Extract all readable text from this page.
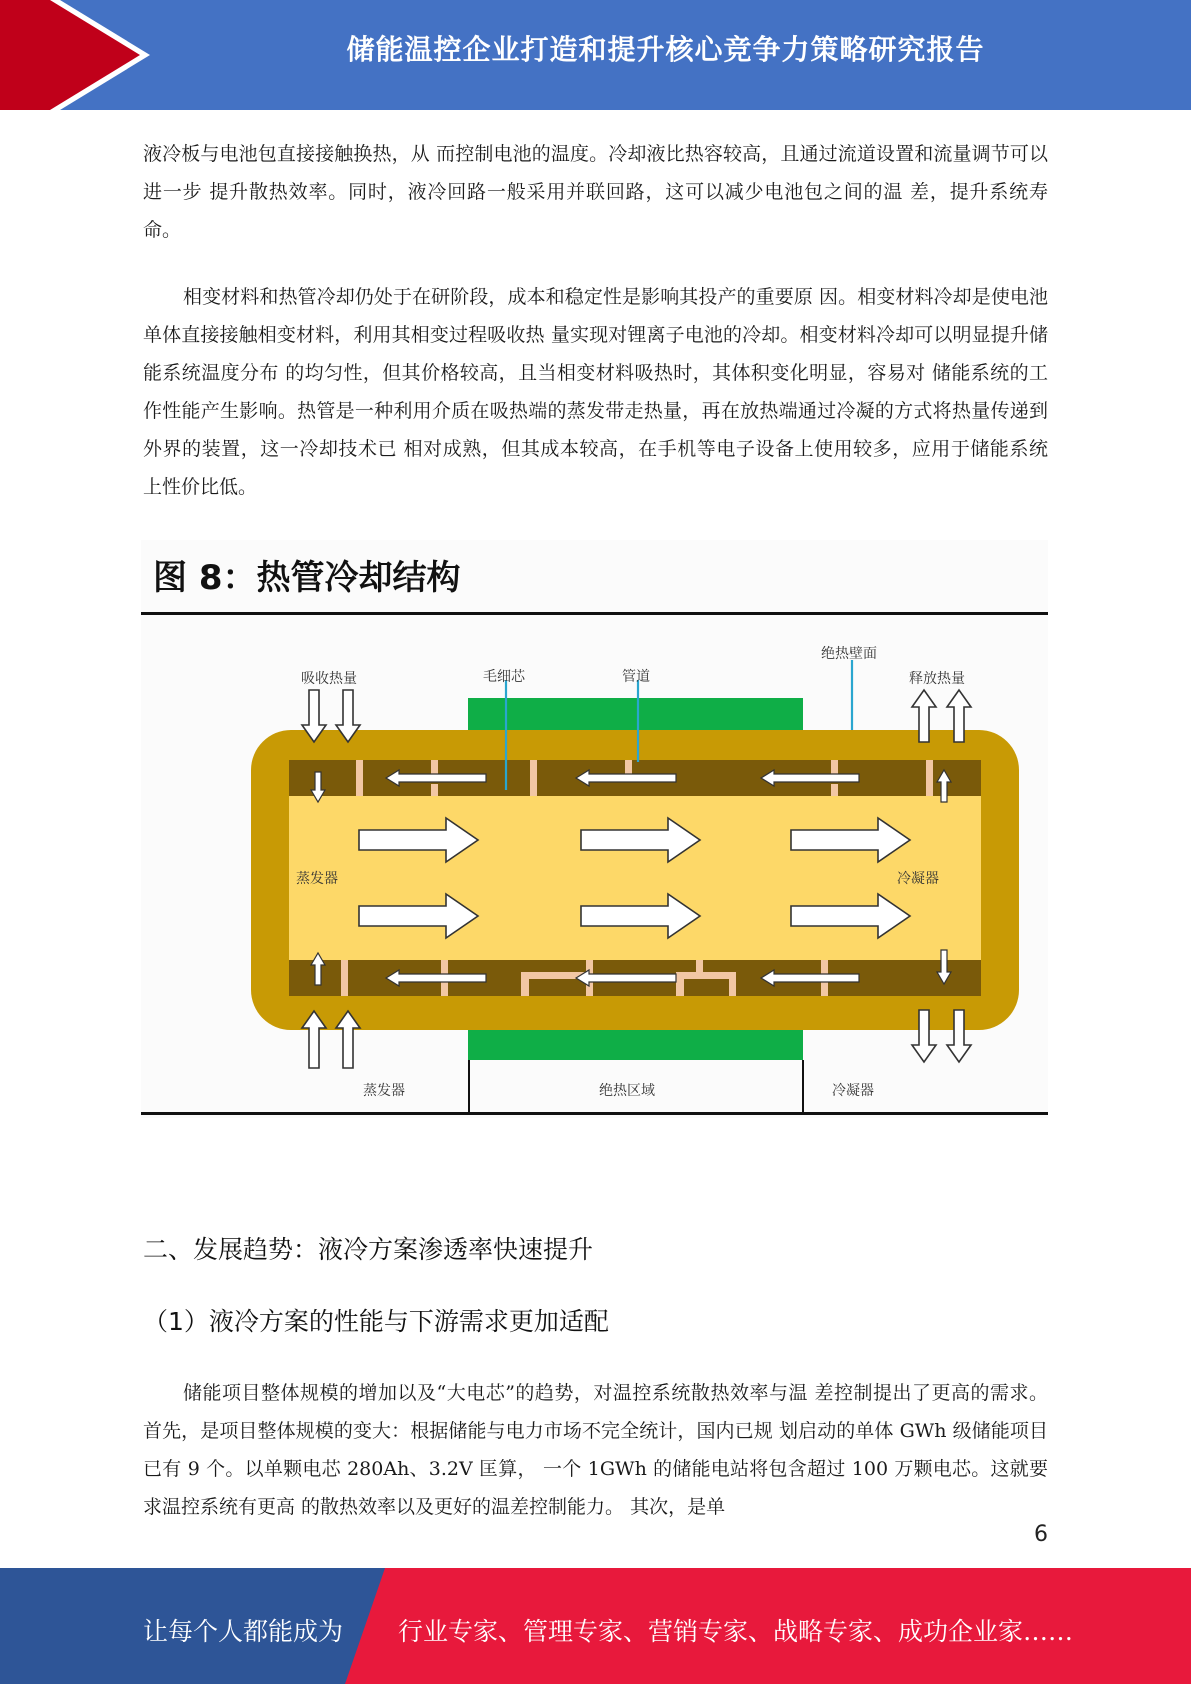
储能温控企业打造和提升核心竞争力策略研究报告

液冷板与电池包直接接触换热，从 而控制电池的温度。冷却液比热容较高，且通过流道设置和流量调节可以进一步 提升散热效率。同时，液冷回路一般采用并联回路，这可以减少电池包之间的温 差，提升系统寿命。

相变材料和热管冷却仍处于在研阶段，成本和稳定性是影响其投产的重要原 因。相变材料冷却是使电池单体直接接触相变材料，利用其相变过程吸收热 量实现对锂离子电池的冷却。相变材料冷却可以明显提升储能系统温度分布 的均匀性，但其价格较高，且当相变材料吸热时，其体积变化明显，容易对 储能系统的工作性能产生影响。热管是一种利用介质在吸热端的蒸发带走热量，再在放热端通过冷凝的方式将热量传递到外界的装置，这一冷却技术已 相对成熟，但其成本较高，在手机等电子设备上使用较多，应用于储能系统 上性价比低。

图 8：热管冷却结构
吸收热量	毛细芯	管道
绝热壁面
释放热量
蒸发器	冷凝器
蒸发器	绝热区域	冷凝器
二、发展趋势：液冷方案渗透率快速提升
（1）液冷方案的性能与下游需求更加适配

储能项目整体规模的增加以及“大电芯”的趋势，对温控系统散热效率与温 差控制提出了更高的需求。 首先，是项目整体规模的变大：根据储能与电力市场不完全统计，国内已规 划启动的单体 GWh 级储能项目已有 9 个。以单颗电芯 280Ah、3.2V 匡算， 一个 1GWh 的储能电站将包含超过 100 万颗电芯。这就要求温控系统有更高 的散热效率以及更好的温差控制能力。 其次，是单

6
让每个人都能成为 行业专家、管理专家、营销专家、战略专家、成功企业家……
